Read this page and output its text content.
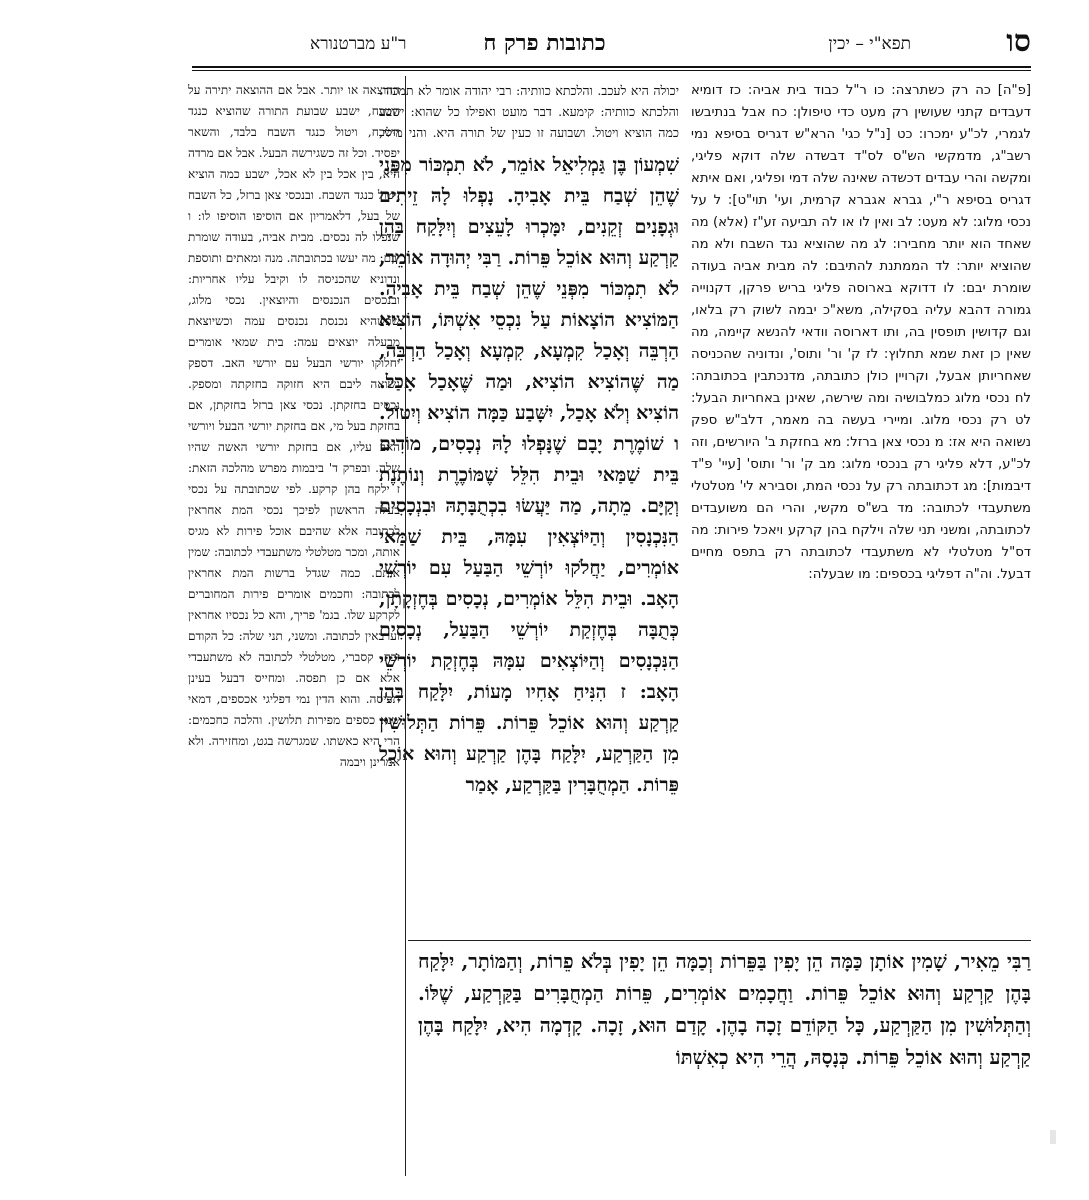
סו
תפא"י – יכין
כתובות פרק ח
ר"ע מברטנורא
[פ"ה] כה רק כשתרצה: כו ר"ל כבוד בית אביה: כז דומיא דעבדים קתני שעושין רק מעט כדי טיפולן: כח אבל בנתיבשו לגמרי, לכ"ע ימכרו: כט [נ"ל כגי' הרא"ש דגריס בסיפא נמי רשב"ג, מדמקשי הש"ס לס"ד דבשדה שלה דוקא פליגי, ומקשה והרי עבדים דכשדה שאינה שלה דמי ופליגי, ואם איתא דגריס בסיפא ר"י, גברא אגברא קרמית, ועי' תוי"ט]: ל על נכסי מלוג: לא מעט: לב ואין לו או לה תביעה זע"ז (אלא) מה שאחד הוא יותר מחבירו: לג מה שהוציא נגד השבח ולא מה שהוציא יותר: לד הממתנת להתיבם: לה מבית אביה בעודה שומרת יבם: לו דדוקא בארוסה פליגי בריש פרקן, דקנוייה גמורה דהבא עליה בסקילה, משא"כ יבמה לשוק רק בלאו, וגם קדושין תופסין בה, ותו דארוסה וודאי להנשא קיימה, מה שאין כן זאת שמא תחלוץ: לז ק' ור' ותוס', ונדוניה שהכניסה שאחריותן אבעל, וקרויין כולן כתובתה, מדנכתבין בכתובתה: לח נכסי מלוג כמלבושיה ומה שירשה, שאינן באחריות הבעל: לט רק נכסי מלוג. ומיירי בעשה בה מאמר, דלב"ש ספק נשואה היא אז: מ נכסי צאן ברזל: מא בחזקת ב' היורשים, וזה לכ"ע, דלא פליגי רק בנכסי מלוג: מב ק' ור' ותוס' [עיי' פ"ד דיבמות]: מג דכתובתה רק על נכסי המת, וסבירא לי' מטלטלי משתעבדי לכתובה: מד בש"ס מקשי, והרי הם משועבדים לכתובתה, ומשני תני שלה וילקח בהן קרקע ויאכל פירות: מה דס"ל מטלטלי לא משתעבדי לכתובתה רק בתפס מחיים דבעל. וה"ה דפליגי בכספים: מו שבעלה:
יכולה היא לעכב. והלכתא כוותיה: רבי יהודה אומר לא תמכור. והלכתא כוותיה: קימעא. דבר מועט ואפילו כל שהוא: ישבע כמה הוציא ויטול. ושבועה זו כעין של תורה היא. והני מילי,
שִׁמְעוֹן בֶּן גַּמְלִיאֵל אוֹמֵר, לֹא תִמְכּוֹר מִפְּנֵי שֶׁהֵן שְׁבַח בֵּית אָבִיהָ. נָפְלוּ לָהּ זֵיתִים וּגְפָנִים זְקֵנִים, יִמָּכְרוּ לָעֵצִים וְיִלָּקַח בָּהֶן קַרְקַע וְהוּא אוֹכֵל פֵּרוֹת. רַבִּי יְהוּדָה אוֹמֵר, לֹא תִמְכּוֹר מִפְּנֵי שֶׁהֵן שְׁבַח בֵּית אָבִיהָ. הַמּוֹצִיא הוֹצָאוֹת עַל נִכְסֵי אִשְׁתּוֹ, הוֹצִיא הַרְבֵּה וְאָכַל קִמְעָא, קִמְעָא וְאָכַל הַרְבֵּה, מַה שֶּׁהוֹצִיא הוֹצִיא, וּמַה שֶּׁאָכַל אָכַל. הוֹצִיא וְלֹא אָכַל, יִשָּׁבַע כַּמָּה הוֹצִיא וְיִטּוֹל. ו שׁוֹמֶרֶת יָבָם שֶׁנָּפְלוּ לָהּ נְכָסִים, מוֹדִים בֵּית שַׁמַּאי וּבֵית הִלֵּל שֶׁמּוֹכֶרֶת וְנוֹתֶנֶת וְקַיָּם. מֵתָה, מַה יַּעֲשׂוּ בִכְתֻבָּתָהּ וּבִנְכָסִים הַנִּכְנָסִין וְהַיּוֹצְאִין עִמָּהּ, בֵּית שַׁמַּאי אוֹמְרִים, יַחֲלֹקוּ יוֹרְשֵׁי הַבַּעַל עִם יוֹרְשֵׁי הָאָב. וּבֵית הִלֵּל אוֹמְרִים, נְכָסִים בְּחֶזְקָתָן, כְּתֻבָּה בְּחֶזְקַת יוֹרְשֵׁי הַבַּעַל, נְכָסִים הַנִּכְנָסִים וְהַיּוֹצְאִים עִמָּהּ בְּחֶזְקַת יוֹרְשֵׁי הָאָב: ז הִנִּיחַ אָחִיו מָעוֹת, יִלָּקַח בָּהֶן קַרְקַע וְהוּא אוֹכֵל פֵּרוֹת. פֵּרוֹת הַתְּלוּשִׁין מִן הַקַּרְקַע, יִלָּקַח בָּהֶן קַרְקַע וְהוּא אוֹכֵל פֵּרוֹת. הַמְחֻבָּרִין בַּקַּרְקַע, אָמַר
ההוצאה או יותר. אבל אם ההוצאה יתירה על השבח, ישבע שבועת התורה שהוציא כנגד השבח, ויטול כנגד השבח בלבד, והשאר יפסיד. וכל זה כשגירשה הבעל. אבל אם מרדה היא, בין אכל בין לא אכל, ישבע כמה הוציא ויטול כנגד השבח. ובנכסי צאן ברזל, כל השבח של בעל, דלאמריון אם הוסיפו הוסיפו לו: ו שנפלו לה נכסים. מבית אביה, בעודה שומרת יבם: מה יעשו בכתובתה. מנה ומאתים ותוספת ונדוניא שהכניסה לו וקיבל עליו אחריות: ובנכסים הנכנסים והיוצאין. נכסי מלוג, שכשהיא נכנסת נכנסים עמה וכשיוצאת מבעלה יוצאים עמה: בית שמאי אומרים יחלוקו יורשי הבעל עם יורשי האב. דספק נשואה ליבם היא חזוקה בחזקתה ומספק. נכסים בחזקתן. נכסי צאן ברזל בחזקתן, אם בחזקת בעל מי, אם בחזקת יורשי הבעל ויורשי האב עליו, אם בחזקת יורשי האשה שהיו שלה. ובפרק ד' ביבמות מפרש מהלכה הזאת: ז ילקח בהן קרקע. לפי שכתובתה על נכסי בעלה הראשון לפיכך נכסי המת אחראין לכתובה אלא שהיבם אוכל פירות לא מגיס אותה, ומכר מטלטלי משתעבדי לכתובה: שמין אותם. כמה שגדל ברשות המת אחראין לכתובה: וחכמים אומרים פירות המחוברים לקרקע שלו. בגמ' פריך, והא כל נכסיו אחראין וערבאין לכתובה. ומשני, תני שלה: כל הקודם זכה. קסברי, מטלטלי לכתובה לא משתעבדי אלא אם כן תפסה. ומחייס דבעל בעינן תפיסה. והוא הדין נמי דפליגי אכספים, דמאי שנא כספים מפירות תלושין. והלכה כחכמים: הרי היא כאשתו. שמגרשה בגט, ומחזירה. ולא אמרינן ויבמה
רַבִּי מֵאִיר, שָׁמִין אוֹתָן כַּמָּה הֵן יָפִין בַּפֵּרוֹת וְכַמָּה הֵן יָפִין בְּלֹא פֵרוֹת, וְהַמּוֹתָר, יִלָּקַח בָּהֶן קַרְקַע וְהוּא אוֹכֵל פֵּרוֹת. וַחֲכָמִים אוֹמְרִים, פֵּרוֹת הַמְחֻבָּרִים בַּקַּרְקַע, שֶׁלּוֹ. וְהַתְּלוּשִׁין מִן הַקַּרְקַע, כָּל הַקּוֹדֵם זָכָה בָהֶן. קָדַם הוּא, זָכָה. קָדְמָה הִיא, יִלָּקַח בָּהֶן קַרְקַע וְהוּא אוֹכֵל פֵּרוֹת. כְּנָסָהּ, הֲרֵי הִיא כְאִשְׁתּוֹ
